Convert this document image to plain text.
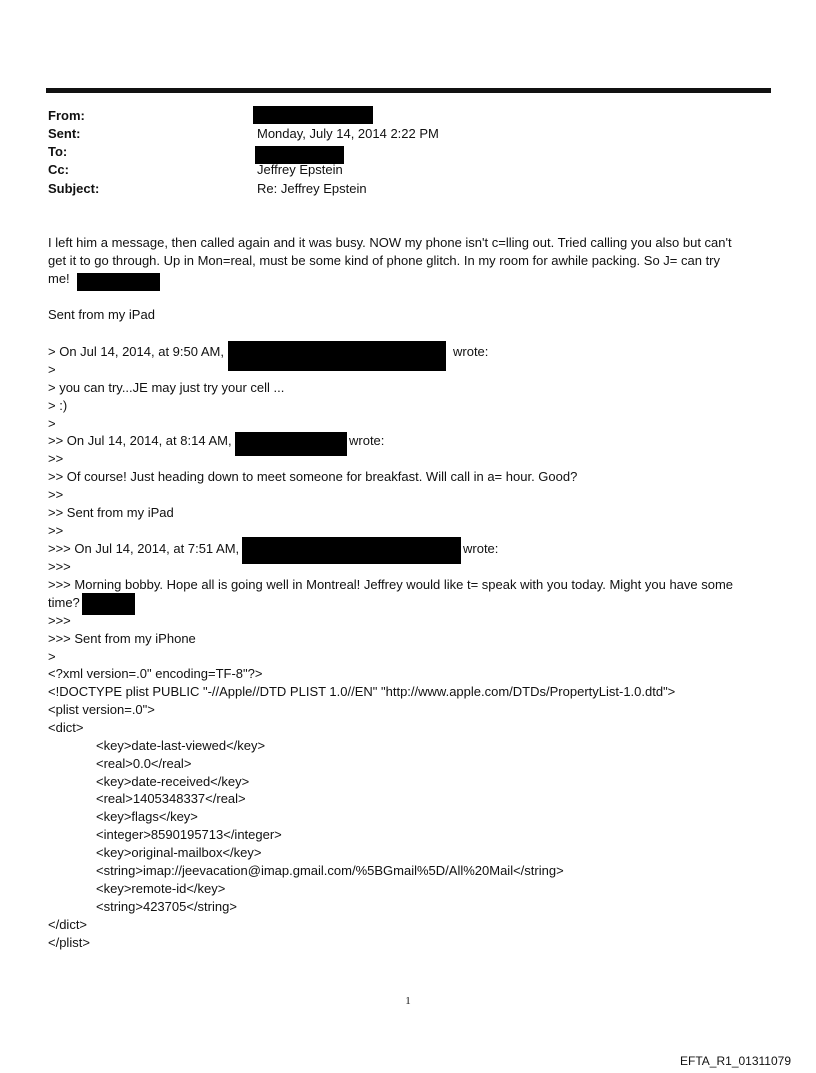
From:
Sent:	Monday, July 14, 2014 2:22 PM
To:
Cc:	Jeffrey Epstein
Subject:	Re: Jeffrey Epstein
I left him a message, then called again and it was busy. NOW my phone isn't c=lling out. Tried calling you also but can't
get it to go through. Up in Mon=real, must be some kind of phone glitch. In my room for awhile packing. So J= can try
me!
Sent from my iPad
> On Jul 14, 2014, at 9:50 AM,	wrote:
>
> you can try...JE may just try your cell ...
> :)
>
>> On Jul 14, 2014, at 8:14 AM,	wrote:
>>
>> Of course! Just heading down to meet someone for breakfast. Will call in a= hour. Good?
>>
>> Sent from my iPad
>>
>>> On Jul 14, 2014, at 7:51 AM,	wrote:
>>>
>>> Morning bobby. Hope all is going well in Montreal! Jeffrey would like t= speak with you today. Might you have some
time?
>>>
>>> Sent from my iPhone
>
<?xml version=.0" encoding=TF-8"?>
<!DOCTYPE plist PUBLIC "-//Apple//DTD PLIST 1.0//EN" "http://www.apple.com/DTDs/PropertyList-1.0.dtd">
<plist version=.0">
<dict>
<key>date-last-viewed</key>
<real>0.0</real>
<key>date-received</key>
<real>1405348337</real>
<key>flags</key>
<integer>8590195713</integer>
<key>original-mailbox</key>
<string>imap://jeevacation@imap.gmail.com/%5BGmail%5D/All%20Mail</string>
<key>remote-id</key>
<string>423705</string>
</dict>
</plist>
1
EFTA_R1_01311079
